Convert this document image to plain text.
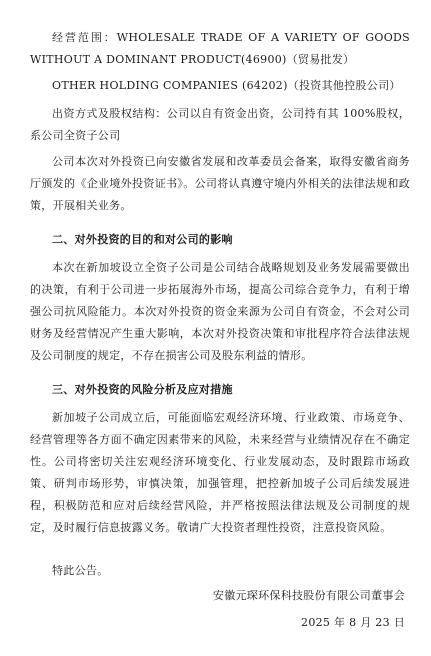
经营范围：WHOLESALE TRADE OF A VARIETY OF GOODS WITHOUT A DOMINANT PRODUCT(46900)（贸易批发）

OTHER HOLDING COMPANIES (64202)（投资其他控股公司）

出资方式及股权结构：公司以自有资金出资，公司持有其 100%股权，系公司全资子公司

公司本次对外投资已向安徽省发展和改革委员会备案，取得安徽省商务厅颁发的《企业境外投资证书》。公司将认真遵守境内外相关的法律法规和政策，开展相关业务。

二、对外投资的目的和对公司的影响

本次在新加坡设立全资子公司是公司结合战略规划及业务发展需要做出的决策，有利于公司进一步拓展海外市场，提高公司综合竞争力，有利于增强公司抗风险能力。本次对外投资的资金来源为公司自有资金，不会对公司财务及经营情况产生重大影响，本次对外投资决策和审批程序符合法律法规及公司制度的规定，不存在损害公司及股东利益的情形。

三、对外投资的风险分析及应对措施

新加坡子公司成立后，可能面临宏观经济环境、行业政策、市场竞争、经营管理等各方面不确定因素带来的风险，未来经营与业绩情况存在不确定性。公司将密切关注宏观经济环境变化、行业发展动态，及时跟踪市场政策、研判市场形势，审慎决策，加强管理，把控新加坡子公司后续发展进程，积极防范和应对后续经营风险，并严格按照法律法规及公司制度的规定，及时履行信息披露义务。敬请广大投资者理性投资，注意投资风险。

特此公告。

安徽元琛环保科技股份有限公司董事会

2025 年 8 月 23 日
